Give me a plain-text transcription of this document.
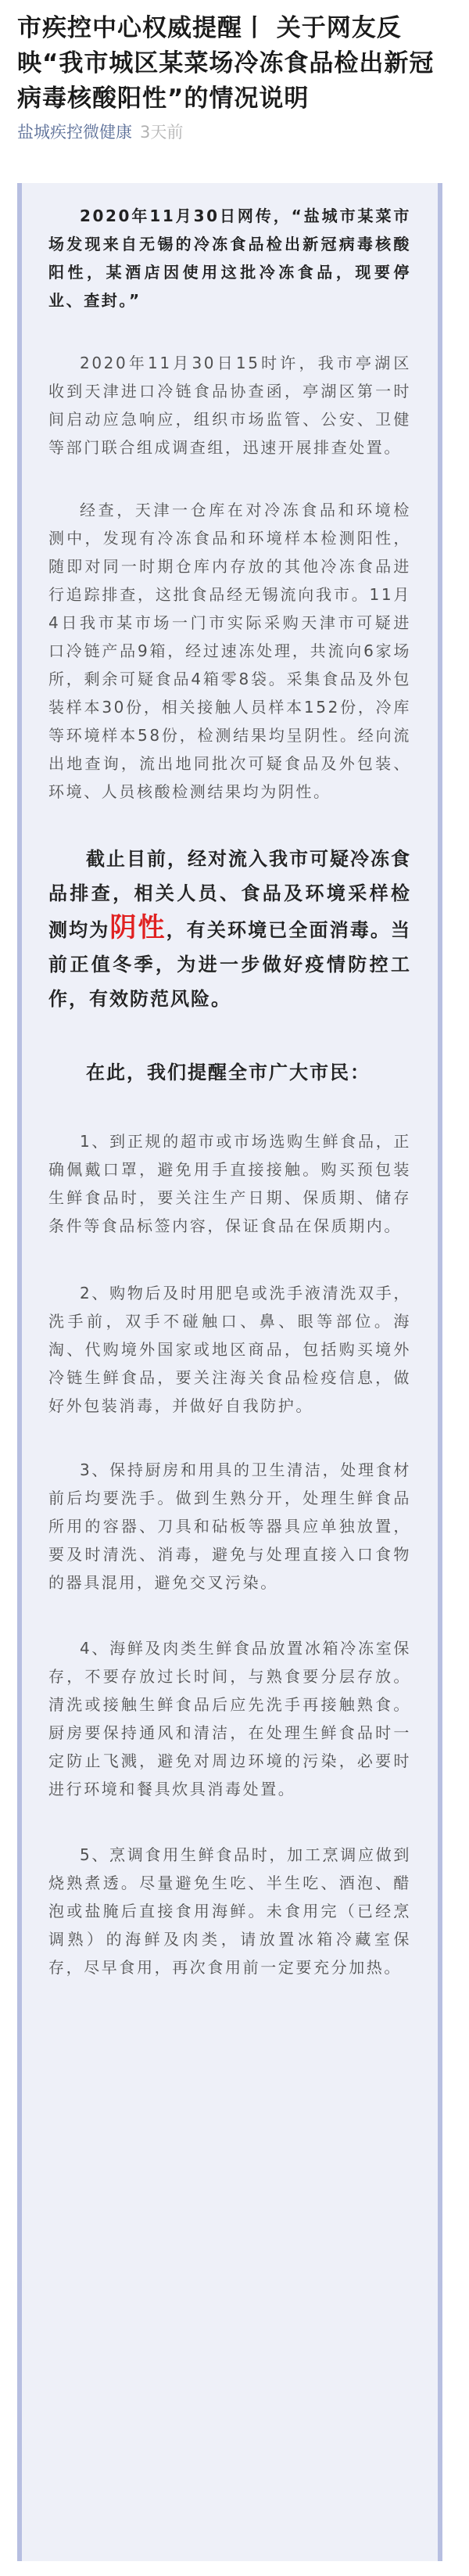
市疾控中心权威提醒丨 关于网友反映“我市城区某菜场冷冻食品检出新冠病毒核酸阳性”的情况说明
盐城疾控微健康 3天前

2020年11月30日网传，“盐城市某菜市场发现来自无锡的冷冻食品检出新冠病毒核酸阳性，某酒店因使用这批冷冻食品，现要停业、查封。”

2020年11月30日15时许，我市亭湖区收到天津进口冷链食品协查函，亭湖区第一时间启动应急响应，组织市场监管、公安、卫健等部门联合组成调查组，迅速开展排查处置。

经查，天津一仓库在对冷冻食品和环境检测中，发现有冷冻食品和环境样本检测阳性，随即对同一时期仓库内存放的其他冷冻食品进行追踪排查，这批食品经无锡流向我市。11月4日我市某市场一门市实际采购天津市可疑进口冷链产品9箱，经过速冻处理，共流向6家场所，剩余可疑食品4箱零8袋。采集食品及外包装样本30份，相关接触人员样本152份，冷库等环境样本58份，检测结果均呈阴性。经向流出地查询，流出地同批次可疑食品及外包装、环境、人员核酸检测结果均为阴性。

截止目前，经对流入我市可疑冷冻食品排查，相关人员、食品及环境采样检测均为阴性，有关环境已全面消毒。当前正值冬季，为进一步做好疫情防控工作，有效防范风险。

在此，我们提醒全市广大市民：

1、到正规的超市或市场选购生鲜食品，正确佩戴口罩，避免用手直接接触。购买预包装生鲜食品时，要关注生产日期、保质期、储存条件等食品标签内容，保证食品在保质期内。

2、购物后及时用肥皂或洗手液清洗双手，洗手前，双手不碰触口、鼻、眼等部位。海淘、代购境外国家或地区商品，包括购买境外冷链生鲜食品，要关注海关食品检疫信息，做好外包装消毒，并做好自我防护。

3、保持厨房和用具的卫生清洁，处理食材前后均要洗手。做到生熟分开，处理生鲜食品所用的容器、刀具和砧板等器具应单独放置，要及时清洗、消毒，避免与处理直接入口食物的器具混用，避免交叉污染。

4、海鲜及肉类生鲜食品放置冰箱冷冻室保存，不要存放过长时间，与熟食要分层存放。清洗或接触生鲜食品后应先洗手再接触熟食。厨房要保持通风和清洁，在处理生鲜食品时一定防止飞溅，避免对周边环境的污染，必要时进行环境和餐具炊具消毒处置。

5、烹调食用生鲜食品时，加工烹调应做到烧熟煮透。尽量避免生吃、半生吃、酒泡、醋泡或盐腌后直接食用海鲜。未食用完（已经烹调熟）的海鲜及肉类，请放置冰箱冷藏室保存，尽早食用，再次食用前一定要充分加热。
